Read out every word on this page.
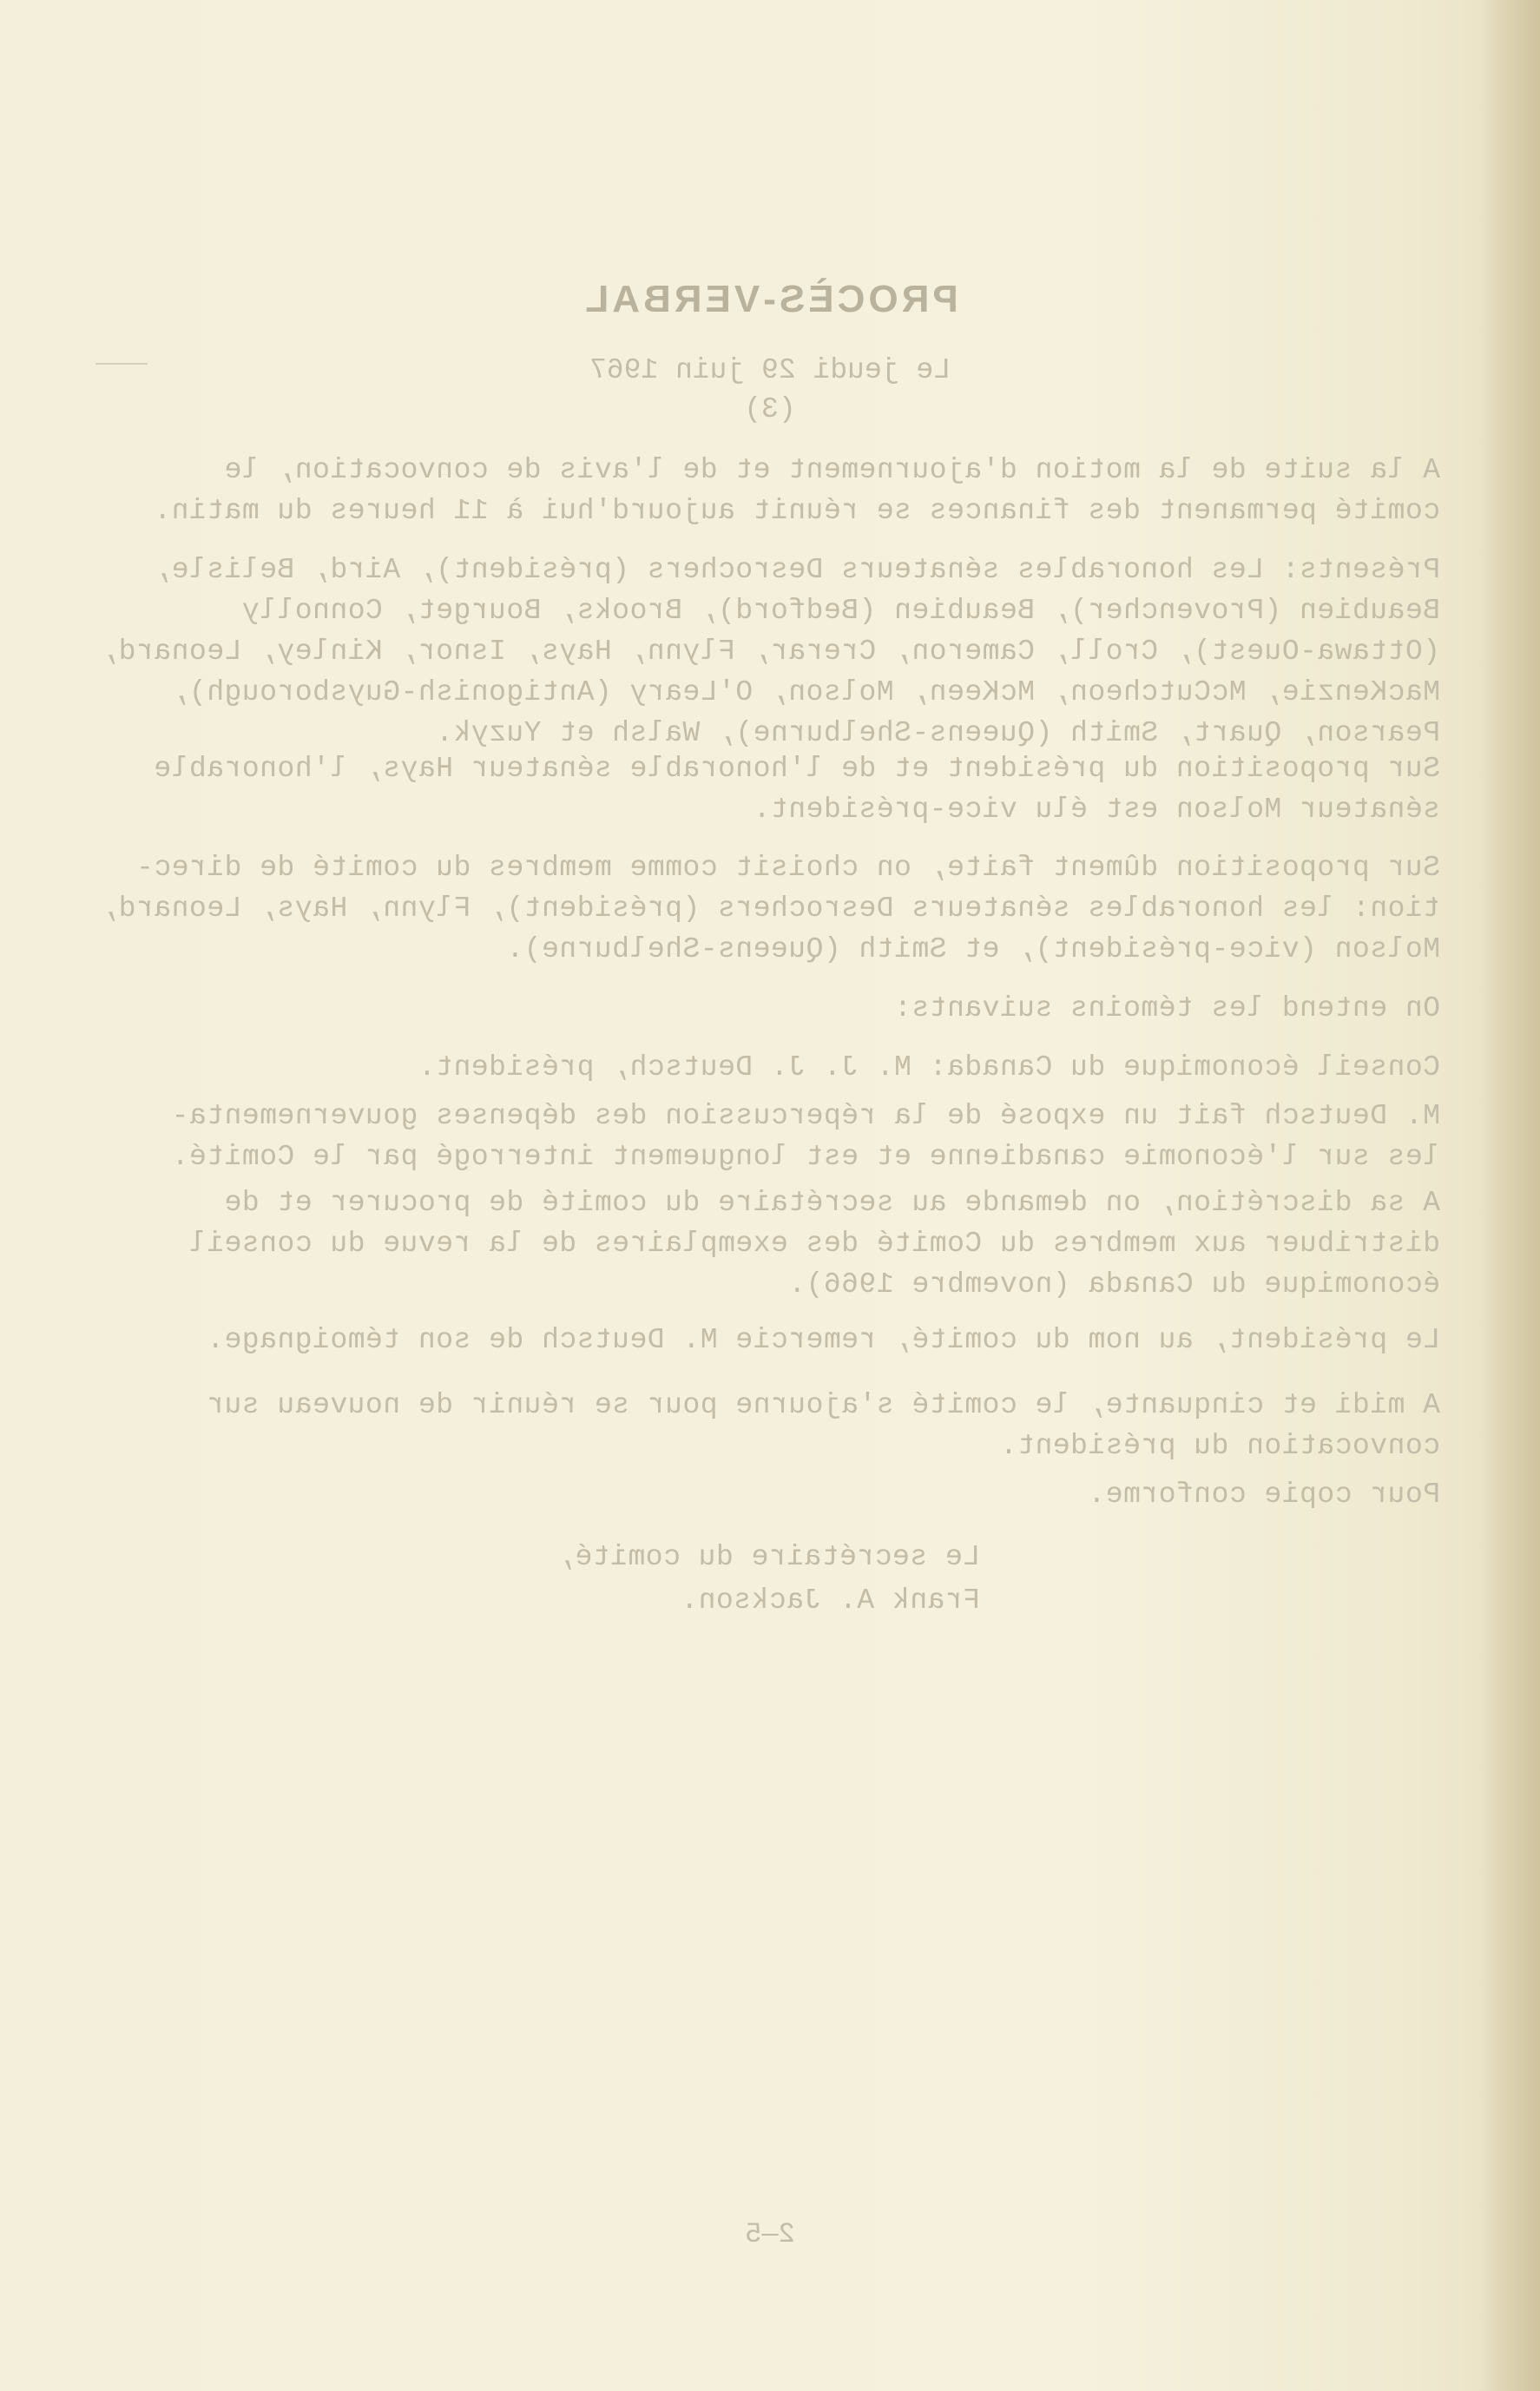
PROCÈS-VERBAL
Le jeudi 29 juin 1967
(3)
A la suite de la motion d'ajournement et de l'avis de convocation, le
comité permanent des finances se réunit aujourd'hui à 11 heures du matin.
Présents: Les honorables sénateurs Desrochers (président), Aird, Belisle,
Beaubien (Provencher), Beaubien (Bedford), Brooks, Bourget, Connolly
(Ottawa-Ouest), Croll, Cameron, Crerar, Flynn, Hays, Isnor, Kinley, Leonard,
MacKenzie, McCutcheon, McKeen, Molson, O'Leary (Antigonish-Guysborough),
Pearson, Quart, Smith (Queens-Shelburne), Walsh et Yuzyk.
Sur proposition du président et de l'honorable sénateur Hays, l'honorable
sénateur Molson est élu vice-président.
Sur proposition dûment faite, on choisit comme membres du comité de direc-
tion: les honorables sénateurs Desrochers (président), Flynn, Hays, Leonard,
Molson (vice-président), et Smith (Queens-Shelburne).
On entend les témoins suivants:
Conseil économique du Canada: M. J. J. Deutsch, président.
M. Deutsch fait un exposé de la répercussion des dépenses gouvernementa-
les sur l'économie canadienne et est longuement interrogé par le Comité.
A sa discrétion, on demande au secrétaire du comité de procurer et de
distribuer aux membres du Comité des exemplaires de la revue du conseil
économique du Canada (novembre 1966).
Le président, au nom du comité, remercie M. Deutsch de son témoignage.
A midi et cinquante, le comité s'ajourne pour se réunir de nouveau sur
convocation du président.
Pour copie conforme.
Le secrétaire du comité,
Frank A. Jackson.
2—5
